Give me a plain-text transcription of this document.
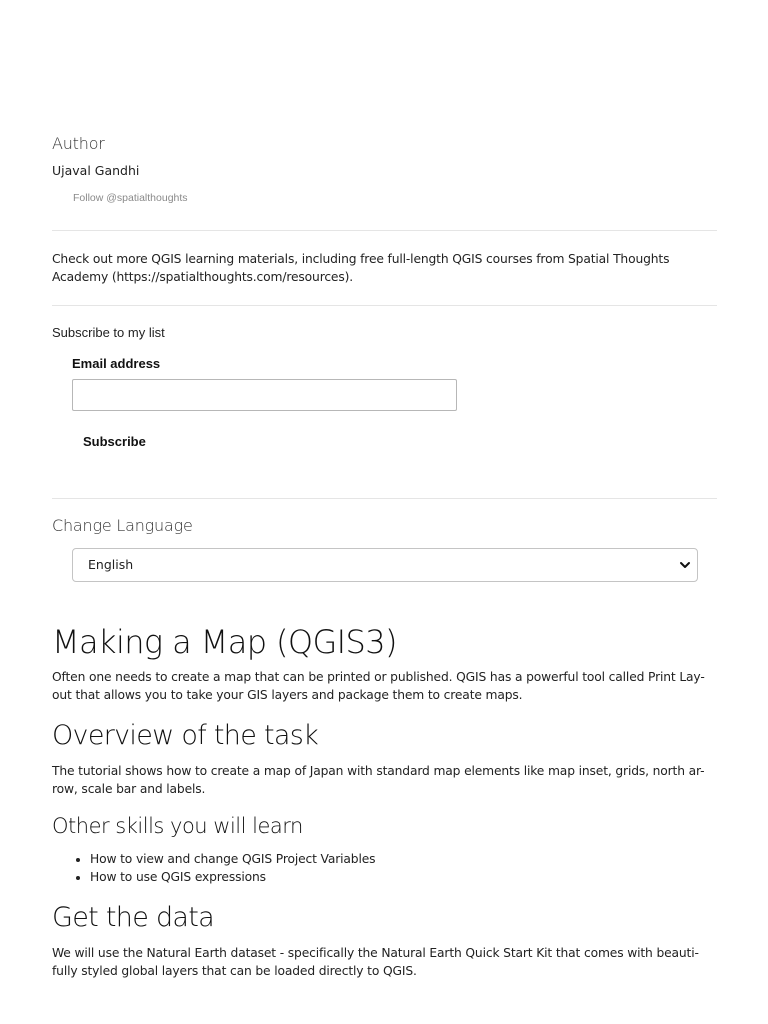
Author
Ujaval Gandhi
Follow @spatialthoughts
Check out more QGIS learning materials, including free full-length QGIS courses from Spatial Thoughts
Academy (https://spatialthoughts.com/resources).
Subscribe to my list
Email address
Subscribe
Change Language
English
Making a Map (QGIS3)
Often one needs to create a map that can be printed or published. QGIS has a powerful tool called Print Lay-
out that allows you to take your GIS layers and package them to create maps.
Overview of the task
The tutorial shows how to create a map of Japan with standard map elements like map inset, grids, north ar-
row, scale bar and labels.
Other skills you will learn
• How to view and change QGIS Project Variables
• How to use QGIS expressions
Get the data
We will use the Natural Earth dataset - specifically the Natural Earth Quick Start Kit that comes with beauti-
fully styled global layers that can be loaded directly to QGIS.
